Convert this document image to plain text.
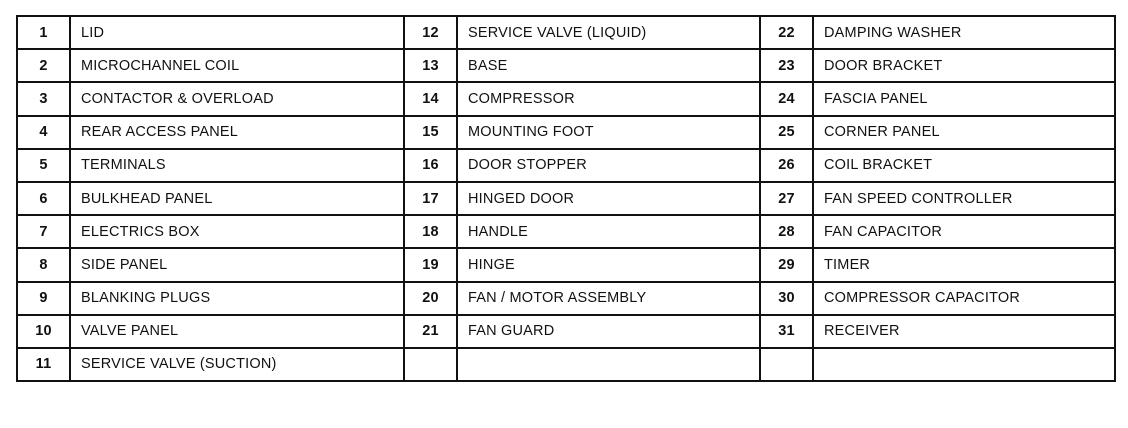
1	LID	12	SERVICE VALVE (LIQUID)	22	DAMPING WASHER
2	MICROCHANNEL COIL	13	BASE	23	DOOR BRACKET
3	CONTACTOR & OVERLOAD	14	COMPRESSOR	24	FASCIA PANEL
4	REAR ACCESS PANEL	15	MOUNTING FOOT	25	CORNER PANEL
5	TERMINALS	16	DOOR STOPPER	26	COIL BRACKET
6	BULKHEAD PANEL	17	HINGED DOOR	27	FAN SPEED CONTROLLER
7	ELECTRICS BOX	18	HANDLE	28	FAN CAPACITOR
8	SIDE PANEL	19	HINGE	29	TIMER
9	BLANKING PLUGS	20	FAN / MOTOR ASSEMBLY	30	COMPRESSOR CAPACITOR
10	VALVE PANEL	21	FAN GUARD	31	RECEIVER
11	SERVICE VALVE (SUCTION)				
